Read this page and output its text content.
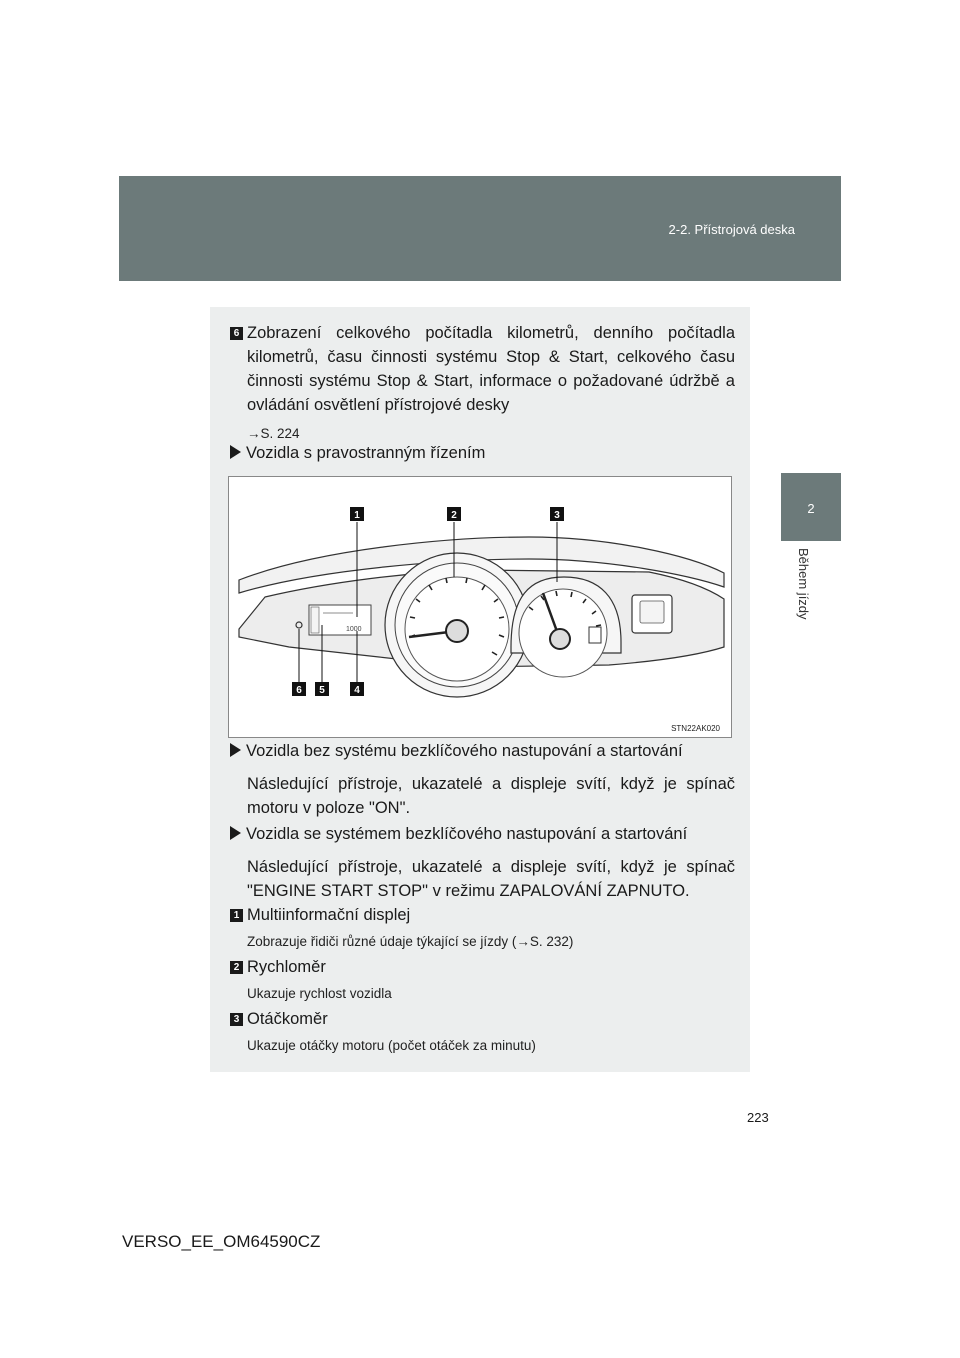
2-2. Přístrojová deska
2
Během jízdy
6 Zobrazení celkového počítadla kilometrů, denního počítadla kilometrů, času činnosti systému Stop & Start, celkového času činnosti systému Stop & Start, informace o požadované údržbě a ovládání osvětlení přístrojové desky
→S. 224
Vozidla s pravostranným řízením
1000
1	2	3
6 5	4
STN22AK020
Vozidla bez systému bezklíčového nastupování a startování
Následující přístroje, ukazatelé a displeje svítí, když je spínač motoru v poloze "ON".
Vozidla se systémem bezklíčového nastupování a startování
Následující přístroje, ukazatelé a displeje svítí, když je spínač "ENGINE START STOP" v režimu ZAPALOVÁNÍ ZAPNUTO.
1 Multiinformační displej
Zobrazuje řidiči různé údaje týkající se jízdy (→S. 232)
2 Rychloměr
Ukazuje rychlost vozidla
3 Otáčkoměr
Ukazuje otáčky motoru (počet otáček za minutu)
223
VERSO_EE_OM64590CZ
